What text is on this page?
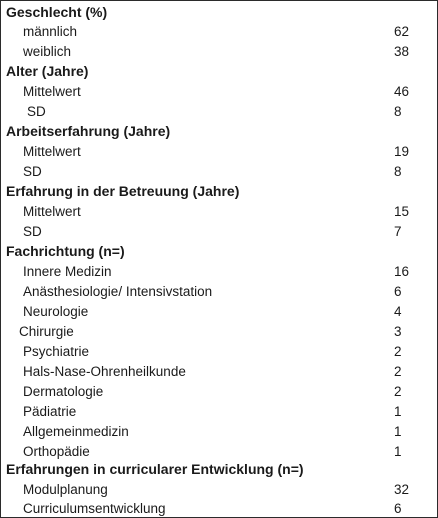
Geschlecht (%)
männlich	62
weiblich	38
Alter (Jahre)
Mittelwert	46
SD	8
Arbeitserfahrung (Jahre)
Mittelwert	19
SD	8
Erfahrung in der Betreuung (Jahre)
Mittelwert	15
SD	7
Fachrichtung (n=)
Innere Medizin	16
Anästhesiologie/ Intensivstation	6
Neurologie	4
Chirurgie	3
Psychiatrie	2
Hals-Nase-Ohrenheilkunde	2
Dermatologie	2
Pädiatrie	1
Allgemeinmedizin	1
Orthopädie	1
Erfahrungen in curricularer Entwicklung (n=)
Modulplanung	32
Curriculumsentwicklung	6
